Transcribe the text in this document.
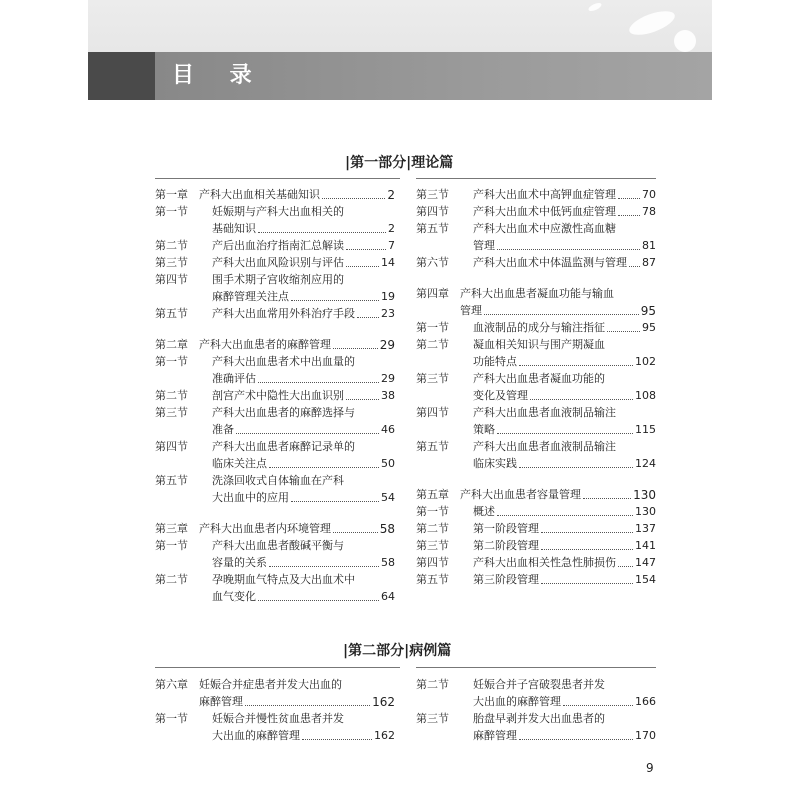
目 录
|第一部分|理论篇
第一章	产科大出血相关基础知识	2
第一节	妊娠期与产科大出血相关的
基础知识	2
第二节	产后出血治疗指南汇总解读	7
第三节	产科大出血风险识别与评估	14
第四节	围手术期子宫收缩剂应用的
麻醉管理关注点	19
第五节	产科大出血常用外科治疗手段 23
第二章	产科大出血患者的麻醉管理	29
第一节	产科大出血患者术中出血量的
准确评估	29
第二节	剖宫产术中隐性大出血识别	38
第三节	产科大出血患者的麻醉选择与
准备	46
第四节	产科大出血患者麻醉记录单的
临床关注点	50
第五节	洗涤回收式自体输血在产科
大出血中的应用	54
第三章	产科大出血患者内环境管理	58
第一节	产科大出血患者酸碱平衡与
容量的关系	58
第二节	孕晚期血气特点及大出血术中
血气变化	64
第三节	产科大出血术中高钾血症管理 70
第四节	产科大出血术中低钙血症管理 78
第五节	产科大出血术中应激性高血糖
管理	81
第六节	产科大出血术中体温监测与管理 87
第四章	产科大出血患者凝血功能与输血
管理	95
第一节	血液制品的成分与输注指征	95
第二节	凝血相关知识与围产期凝血
功能特点	102
第三节	产科大出血患者凝血功能的
变化及管理	108
第四节	产科大出血患者血液制品输注
策略	115
第五节	产科大出血患者血液制品输注
临床实践	124
第五章	产科大出血患者容量管理	130
第一节	概述	130
第二节	第一阶段管理	137
第三节	第二阶段管理	141
第四节	产科大出血相关性急性肺损伤 147
第五节	第三阶段管理	154
|第二部分|病例篇
第六章	妊娠合并症患者并发大出血的
麻醉管理	162
第一节	妊娠合并慢性贫血患者并发
大出血的麻醉管理	162
第二节	妊娠合并子宫破裂患者并发
大出血的麻醉管理	166
第三节	胎盘早剥并发大出血患者的
麻醉管理	170
9
